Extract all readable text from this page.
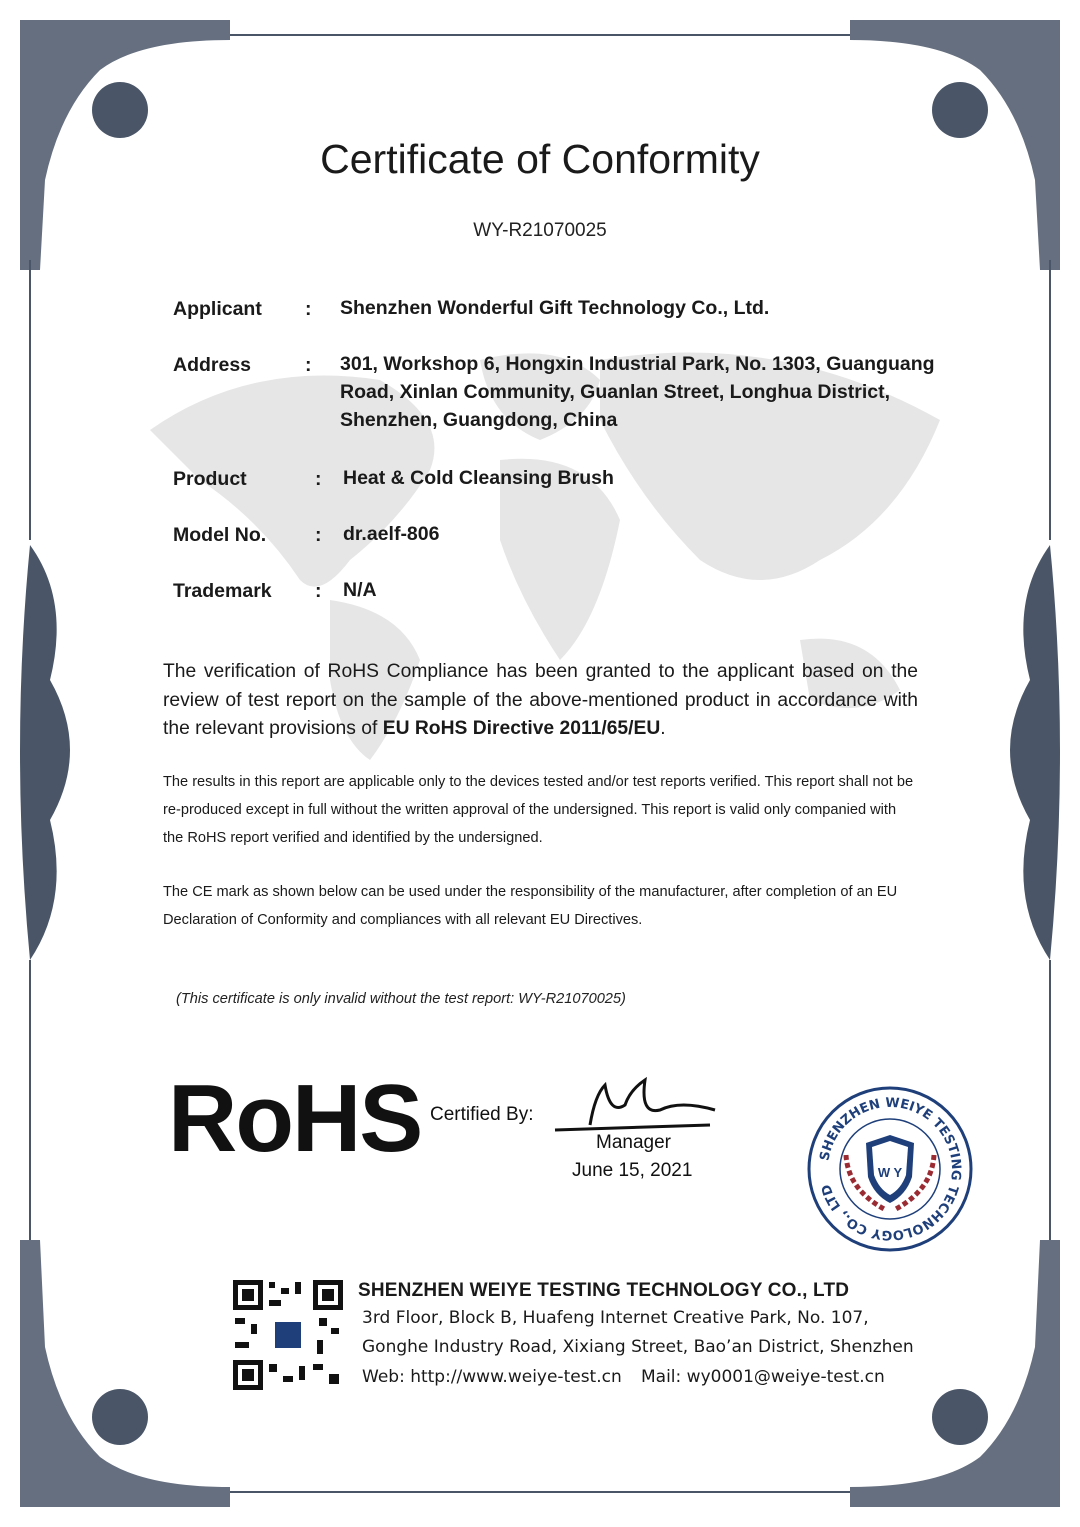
Certificate of Conformity
WY-R21070025
Applicant : Shenzhen Wonderful Gift Technology Co., Ltd.
Address	: 301, Workshop 6, Hongxin Industrial Park, No. 1303, Guanguang
Road, Xinlan Community, Guanlan Street, Longhua District,
Shenzhen, Guangdong, China
Product	: Heat & Cold Cleansing Brush
Model No.	: dr.aelf-806
Trademark : N/A
The verification of RoHS Compliance has been granted to the applicant based on the review of test report on the sample of the above-mentioned product in accordance with the relevant provisions of EU RoHS Directive 2011/65/EU.
The results in this report are applicable only to the devices tested and/or test reports verified. This report shall not be re-produced except in full without the written approval of the undersigned. This report is valid only companied with the RoHS report verified and identified by the undersigned.
The CE mark as shown below can be used under the responsibility of the manufacturer, after completion of an EU Declaration of Conformity and compliances with all relevant EU Directives.
(This certificate is only invalid without the test report: WY-R21070025)
RoHS Certified By:
Manager
June 15, 2021
SHENZHEN WEIYE TESTING TECHNOLOGY CO., LTD
W Y
SHENZHEN WEIYE TESTING TECHNOLOGY CO., LTD
3rd Floor, Block B, Huafeng Internet Creative Park, No. 107,
Gonghe Industry Road, Xixiang Street, Bao’an District, Shenzhen
Web: http://www.weiye-test.cn Mail: wy0001@weiye-test.cn
